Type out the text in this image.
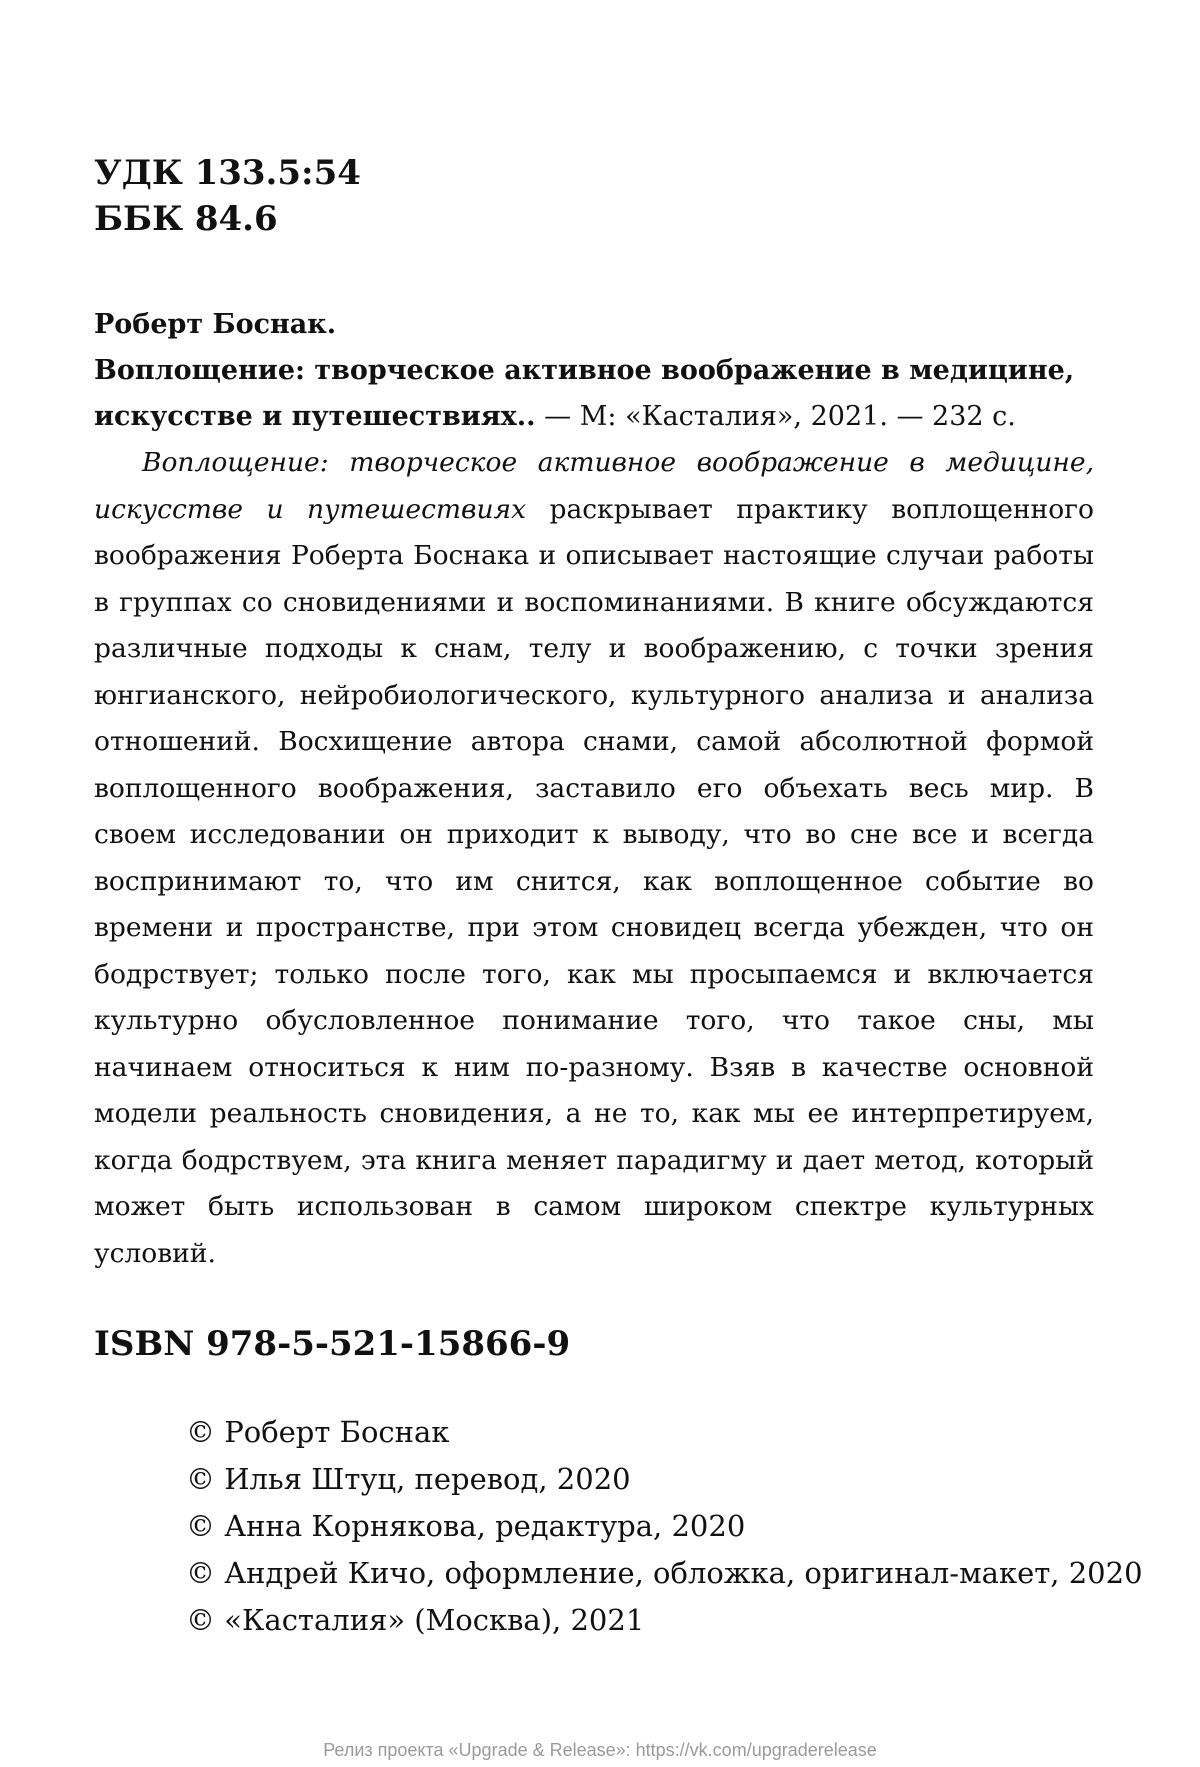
УДК 133.5:54
ББК 84.6
Роберт Боснак.
Воплощение: творческое активное воображение в медицине, искусстве и путешествиях.. — М: «Касталия», 2021. — 232 с.

Воплощение: творческое активное воображение в медицине, искусстве и путешествиях раскрывает практику воплощенного воображения Роберта Боснака и описывает настоящие случаи работы в группах со сновидениями и воспоминаниями. В книге обсуждаются различные подходы к снам, телу и воображению, с точки зрения юнгианского, нейробиологического, культурного анализа и анализа отношений. Восхищение автора снами, самой абсолютной формой воплощенного воображения, заставило его объехать весь мир. В своем исследовании он приходит к выводу, что во сне все и всегда воспринимают то, что им снится, как воплощенное событие во времени и пространстве, при этом сновидец всегда убежден, что он бодрствует; только после того, как мы просыпаемся и включается культурно обусловленное понимание того, что такое сны, мы начинаем относиться к ним по-разному. Взяв в качестве основной модели реальность сновидения, а не то, как мы ее интерпретируем, когда бодрствуем, эта книга меняет парадигму и дает метод, который может быть использован в самом широком спектре культурных условий.

ISBN 978-5-521-15866-9
© Роберт Боснак
© Илья Штуц, перевод, 2020
© Анна Корнякова, редактура, 2020
© Андрей Кичо, оформление, обложка, оригинал-макет, 2020
© «Касталия» (Москва), 2021
Релиз проекта «Upgrade & Release»: https://vk.com/upgraderelease
